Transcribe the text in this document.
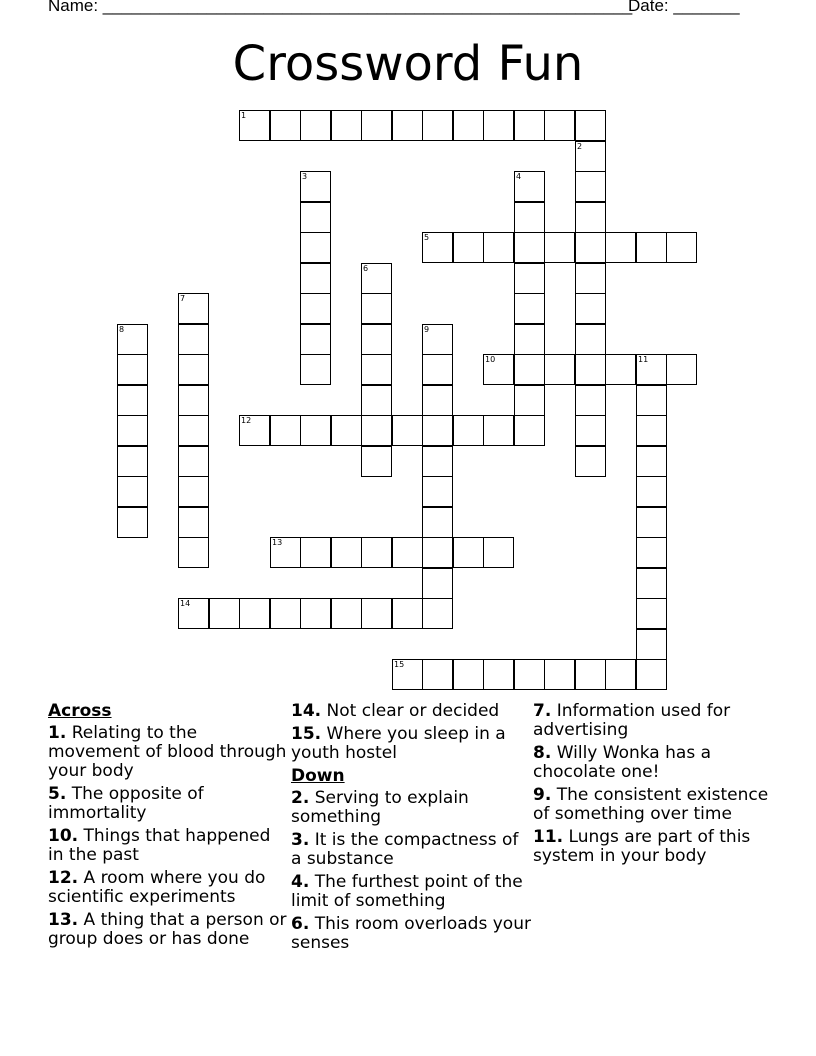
Name: ________________________________________________________
Date: _______
Crossword Fun
1
2
3	4
5
6
7
8	9
10	11
12
13
14
15
Across
1. Relating to the movement of blood through your body
5. The opposite of immortality
10. Things that happened in the past
12. A room where you do scientific experiments
13. A thing that a person or group does or has done
14. Not clear or decided
15. Where you sleep in a youth hostel
Down
2. Serving to explain something
3. It is the compactness of a substance
4. The furthest point of the limit of something
6. This room overloads your senses
7. Information used for advertising
8. Willy Wonka has a chocolate one!
9. The consistent existence of something over time
11. Lungs are part of this system in your body
